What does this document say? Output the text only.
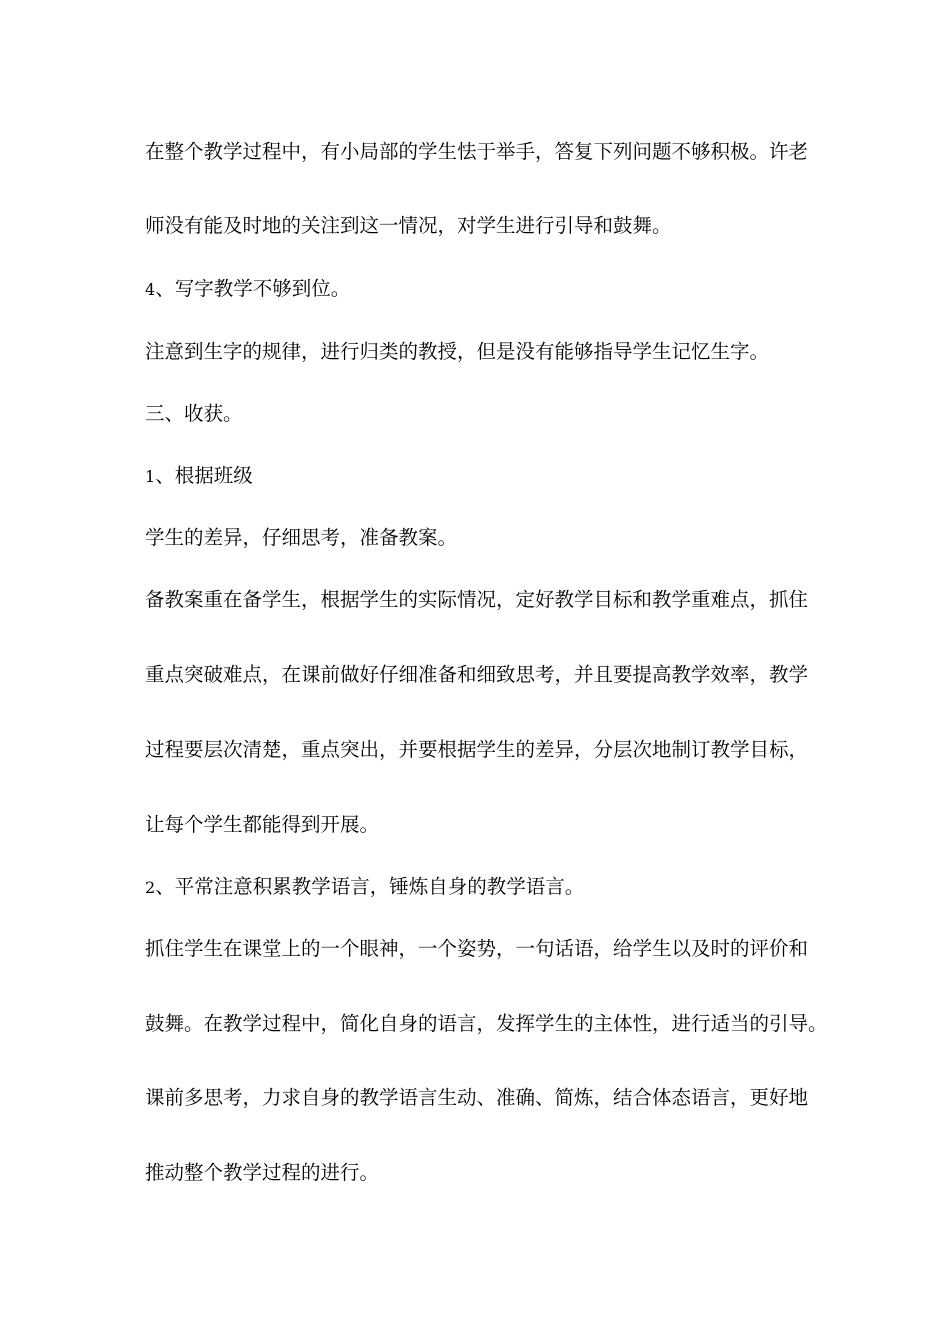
在整个教学过程中，有小局部的学生怯于举手，答复下列问题不够积极。许老
师没有能及时地的关注到这一情况，对学生进行引导和鼓舞。
4、写字教学不够到位。
注意到生字的规律，进行归类的教授，但是没有能够指导学生记忆生字。
三、收获。
1、根据班级
学生的差异，仔细思考，准备教案。
备教案重在备学生，根据学生的实际情况，定好教学目标和教学重难点，抓住
重点突破难点，在课前做好仔细准备和细致思考，并且要提高教学效率，教学
过程要层次清楚，重点突出，并要根据学生的差异，分层次地制订教学目标，
让每个学生都能得到开展。
2、平常注意积累教学语言，锤炼自身的教学语言。
抓住学生在课堂上的一个眼神，一个姿势，一句话语，给学生以及时的评价和
鼓舞。在教学过程中，简化自身的语言，发挥学生的主体性，进行适当的引导。
课前多思考，力求自身的教学语言生动、准确、简炼，结合体态语言，更好地
推动整个教学过程的进行。
